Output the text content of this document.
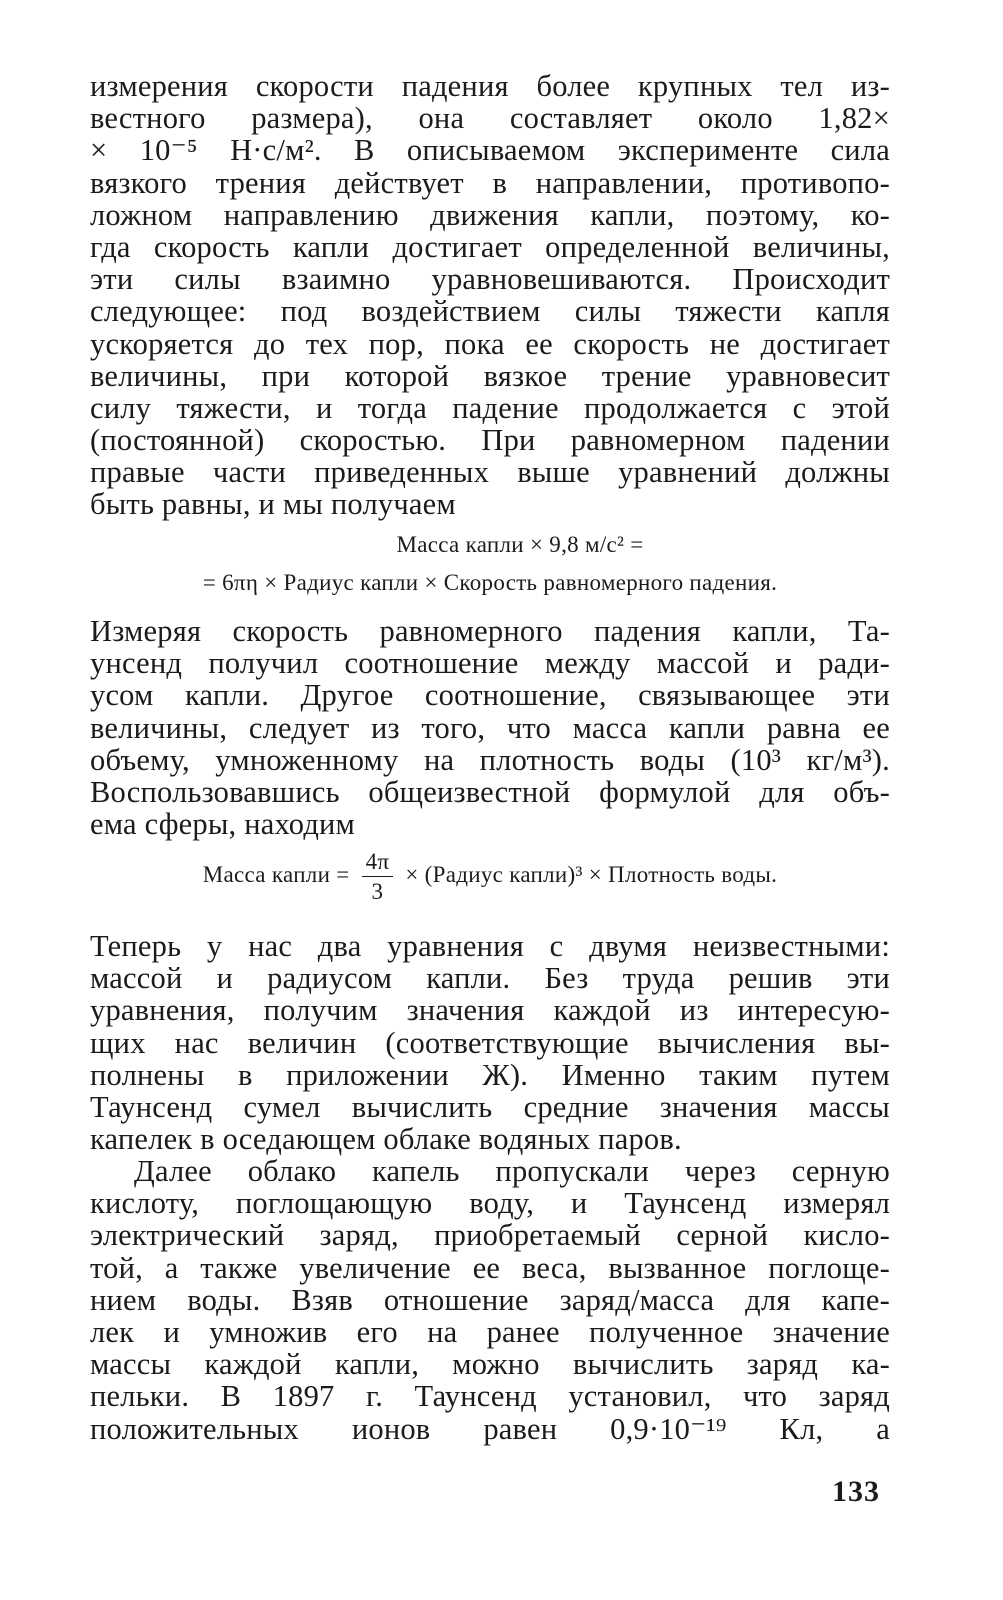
измерения скорости падения более крупных тел из-
вестного размера), она составляет около 1,82×
× 10⁻⁵ Н·с/м². В описываемом эксперименте сила
вязкого трения действует в направлении, противопо-
ложном направлению движения капли, поэтому, ко-
гда скорость капли достигает определенной величины,
эти силы взаимно уравновешиваются. Происходит
следующее: под воздействием силы тяжести капля
ускоряется до тех пор, пока ее скорость не достигает
величины, при которой вязкое трение уравновесит
силу тяжести, и тогда падение продолжается с этой
(постоянной) скоростью. При равномерном падении
правые части приведенных выше уравнений должны
быть равны, и мы получаем
Масса капли × 9,8 м/с² =
= 6πη × Радиус капли × Скорость равномерного падения.
Измеряя скорость равномерного падения капли, Та-
унсенд получил соотношение между массой и ради-
усом капли. Другое соотношение, связывающее эти
величины, следует из того, что масса капли равна ее
объему, умноженному на плотность воды (10³ кг/м³).
Воспользовавшись общеизвестной формулой для объ-
ема сферы, находим
Масса капли = $\frac{4\pi}{3}$ × (Радиус капли)³ × Плотность воды.
Теперь у нас два уравнения с двумя неизвестными:
массой и радиусом капли. Без труда решив эти
уравнения, получим значения каждой из интересую-
щих нас величин (соответствующие вычисления вы-
полнены в приложении Ж). Именно таким путем
Таунсенд сумел вычислить средние значения массы
капелек в оседающем облаке водяных паров.
Далее облако капель пропускали через серную
кислоту, поглощающую воду, и Таунсенд измерял
электрический заряд, приобретаемый серной кисло-
той, а также увеличение ее веса, вызванное поглоще-
нием воды. Взяв отношение заряд/масса для капе-
лек и умножив его на ранее полученное значение
массы каждой капли, можно вычислить заряд ка-
пельки. В 1897 г. Таунсенд установил, что заряд
положительных ионов равен 0,9·10⁻¹⁹ Кл, а
133
